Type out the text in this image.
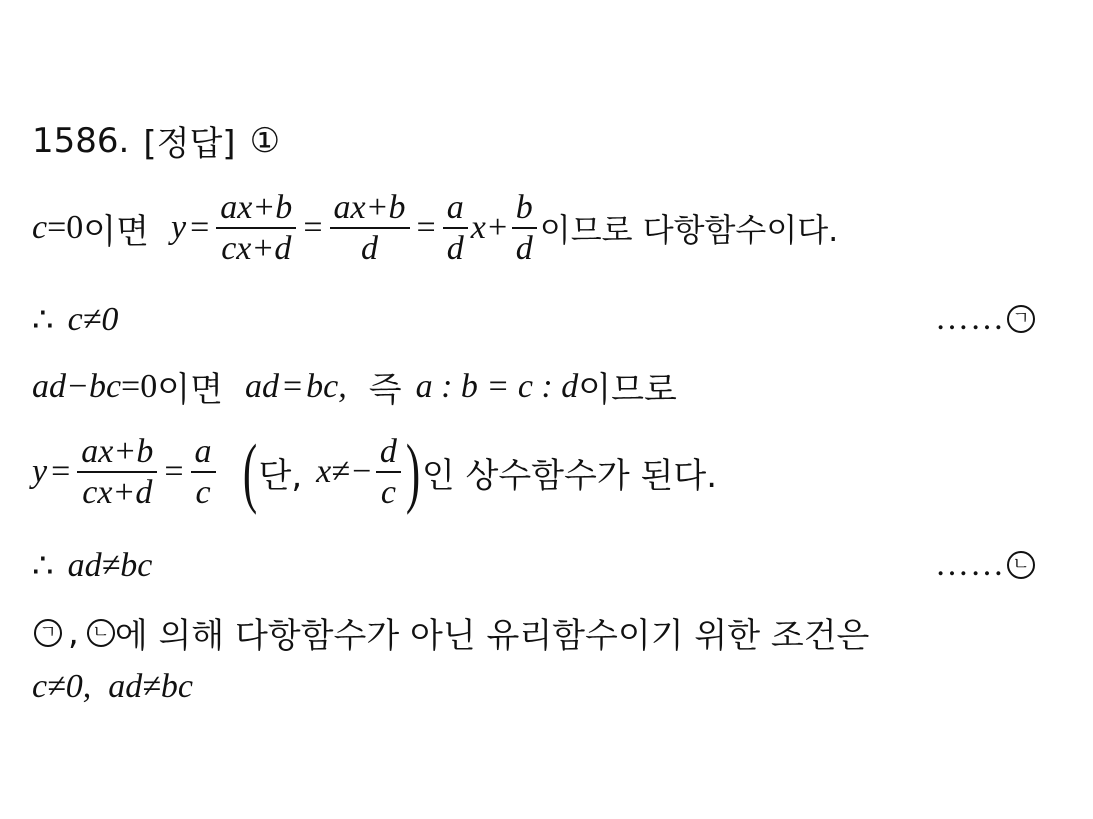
1586. [정답] ①
c =0 이면 $y = \frac{ax+b}{cx+d} = \frac{ax+b}{d} = \frac{a}{d} x+ \frac{b}{d}$ 이므로 다항함수이다.
∴ c≠0	…… ㄱ
ad −bc =0 이면 ad = bc, 즉 a : b = c : d 이므로
$y = \frac{ax+b}{cx+d} = \frac{a}{c}$ ( 단, $x\ne- \frac{d}{c}$ ) 인 상수함수가 된다.
∴ ad≠bc	…… ㄴ
ㄱ , ㄴ 에 의해 다항함수가 아닌 유리함수이기 위한 조건은
c≠0,  ad≠bc
